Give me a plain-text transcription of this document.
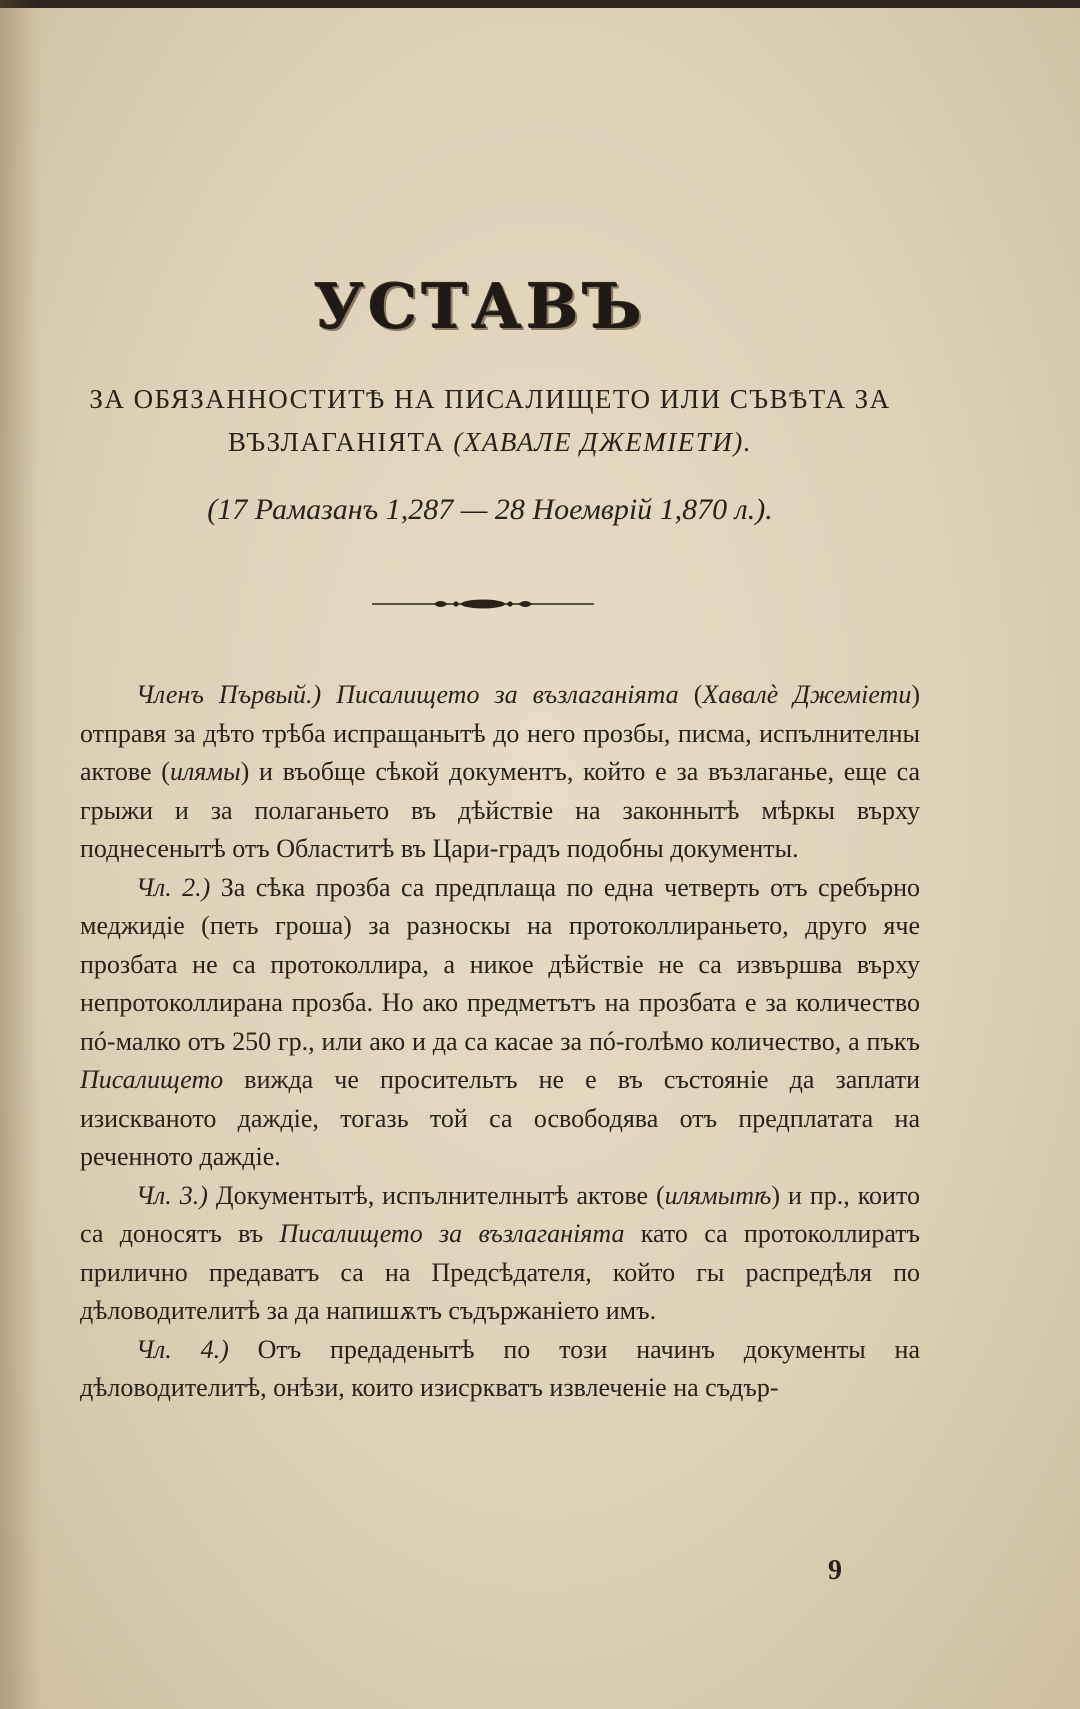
УСТАВЪ
ЗА ОБЯЗАННОСТИТѢ НА ПИСАЛИЩЕТО ИЛИ СЪВѢТА ЗА
ВЪЗЛАГАНІЯТА (ХАВАЛЕ ДЖЕМІЕТИ).
(17 Рамазанъ 1,287 — 28 Ноемврій 1,870 л.).

Членъ Първый.) Писалището за възлаганіята (Хавалѐ Джеміети) отправя за дѣто трѣба испращанытѣ до него прозбы, писма, испълнителны актове (илямы) и въобще сѣкой документъ, който е за възлаганье, еще са грыжи и за полаганьето въ дѣйствіе на законнытѣ мѣркы върху поднесенытѣ отъ Областитѣ въ Цари-градъ подобны документы.

Чл. 2.) За сѣка прозба са предплаща по една четверть отъ сребърно меджидіе (петь гроша) за разноскы на протоколлираньето, друго яче прозбата не са протоколлира, а никое дѣйствіе не са извършва върху непротоколлирана прозба. Но ако предметътъ на прозбата е за количество пó-малко отъ 250 гр., или ако и да са касае за пó-голѣмо количество, а пъкъ Писалището вижда че просительтъ не е въ състояніе да заплати изискваното даждіе, тогазь той са освободява отъ предплатата на реченното даждіе.

Чл. 3.) Документытѣ, испълнителнытѣ актове (илямытѣ) и пр., които са доносятъ въ Писалището за възлаганіята като са протоколлиратъ прилично предаватъ са на Предсѣдателя, който гы распредѣля по дѣловодителитѣ за да напишѫтъ съдържаніето имъ.

Чл. 4.) Отъ предаденытѣ по този начинъ документы на дѣловодителитѣ, онѣзи, които изисркватъ извлеченіе на съдър-

9
